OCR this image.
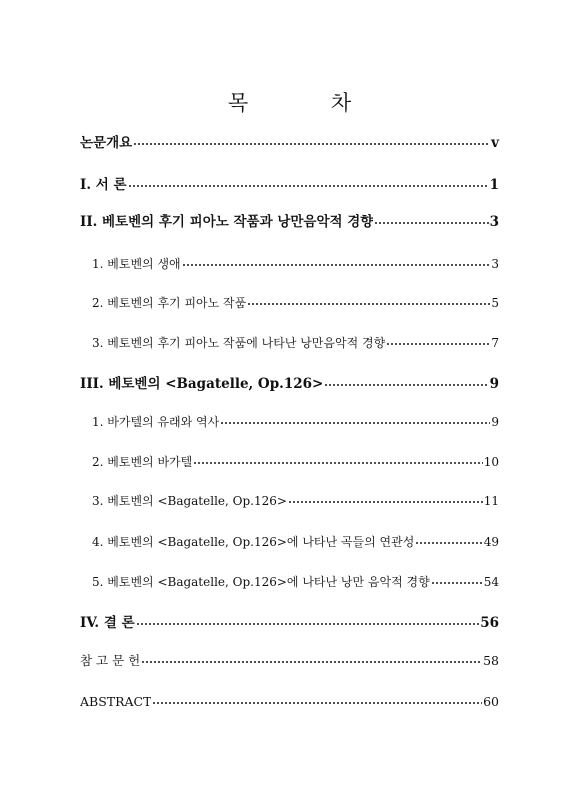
목 차
논문개요	v
I. 서 론	1
II. 베토벤의 후기 피아노 작품과 낭만음악적 경향	3
1. 베토벤의 생애	3
2. 베토벤의 후기 피아노 작품	5
3. 베토벤의 후기 피아노 작품에 나타난 낭만음악적 경향	7
III. 베토벤의 <Bagatelle, Op.126>	9
1. 바가텔의 유래와 역사	9
2. 베토벤의 바가텔	10
3. 베토벤의 <Bagatelle, Op.126>	11
4. 베토벤의 <Bagatelle, Op.126>에 나타난 곡들의 연관성	49
5. 베토벤의 <Bagatelle, Op.126>에 나타난 낭만 음악적 경향	54
IV. 결 론	56
참 고 문 헌	58
ABSTRACT	60
